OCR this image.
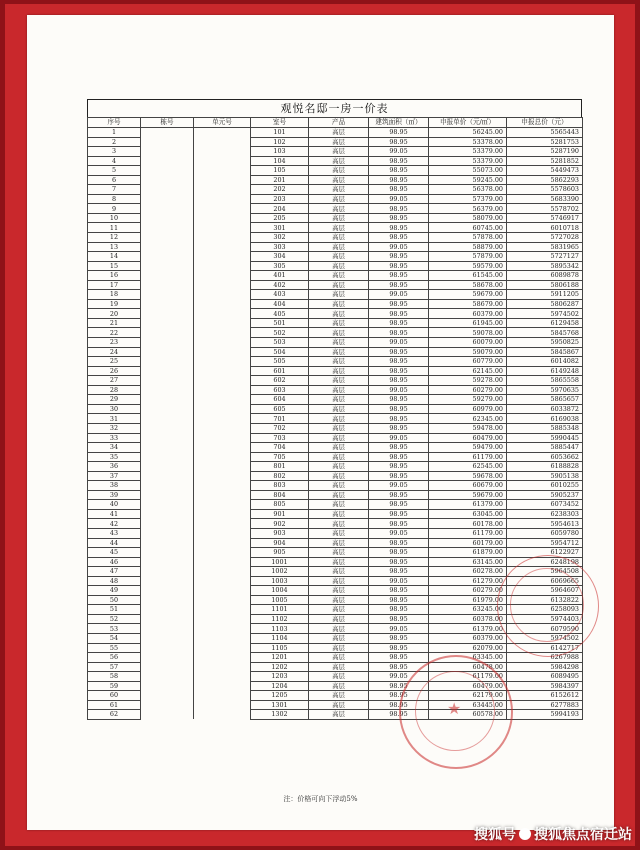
观悦名邸一房一价表
序号	栋号	单元号	室号	产品	建筑面积（㎡）	申报单价（元/㎡）	申报总价（元）
1			101	高层	98.95	56245.00	5565443
2			102	高层	98.95	53378.00	5281753
3			103	高层	99.05	53379.00	5287190
4			104	高层	98.95	53379.00	5281852
5			105	高层	98.95	55073.00	5449473
6			201	高层	98.95	59245.00	5862293
7			202	高层	98.95	56378.00	5578603
8			203	高层	99.05	57379.00	5683390
9			204	高层	98.95	56379.00	5578702
10			205	高层	98.95	58079.00	5746917
11			301	高层	98.95	60745.00	6010718
12			302	高层	98.95	57878.00	5727028
13			303	高层	99.05	58879.00	5831965
14			304	高层	98.95	57879.00	5727127
15			305	高层	98.95	59579.00	5895342
16			401	高层	98.95	61545.00	6089878
17			402	高层	98.95	58678.00	5806188
18			403	高层	99.05	59679.00	5911205
19			404	高层	98.95	58679.00	5806287
20			405	高层	98.95	60379.00	5974502
21			501	高层	98.95	61945.00	6129458
22			502	高层	98.95	59078.00	5845768
23			503	高层	99.05	60079.00	5950825
24			504	高层	98.95	59079.00	5845867
25			505	高层	98.95	60779.00	6014082
26			601	高层	98.95	62145.00	6149248
27			602	高层	98.95	59278.00	5865558
28			603	高层	99.05	60279.00	5970635
29			604	高层	98.95	59279.00	5865657
30			605	高层	98.95	60979.00	6033872
31			701	高层	98.95	62345.00	6169038
32			702	高层	98.95	59478.00	5885348
33			703	高层	99.05	60479.00	5990445
34			704	高层	98.95	59479.00	5885447
35			705	高层	98.95	61179.00	6053662
36			801	高层	98.95	62545.00	6188828
37			802	高层	98.95	59678.00	5905138
38			803	高层	99.05	60679.00	6010255
39			804	高层	98.95	59679.00	5905237
40			805	高层	98.95	61379.00	6073452
41			901	高层	98.95	63045.00	6238303
42			902	高层	98.95	60178.00	5954613
43			903	高层	99.05	61179.00	6059780
44			904	高层	98.95	60179.00	5954712
45			905	高层	98.95	61879.00	6122927
46			1001	高层	98.95	63145.00	6248198
47			1002	高层	98.95	60278.00	5964508
48			1003	高层	99.05	61279.00	6069665
49			1004	高层	98.95	60279.00	5964607
50			1005	高层	98.95	61979.00	6132822
51			1101	高层	98.95	63245.00	6258093
52			1102	高层	98.95	60378.00	5974403
53			1103	高层	99.05	61379.00	6079590
54			1104	高层	98.95	60379.00	5974502
55			1105	高层	98.95	62079.00	6142717
56			1201	高层	98.95	63345.00	6267988
57			1202	高层	98.95	60478.00	5984298
58			1203	高层	99.05	61179.00	6089495
59			1204	高层	98.95	60479.00	5984397
60			1205	高层	98.95	62179.00	6152612
61			1301	高层	98.95	63445.00	6277883
62			1302	高层	98.95	60578.00	5994193
★
注：价格可向下浮动5%
搜狐号 搜狐焦点宿迁站
